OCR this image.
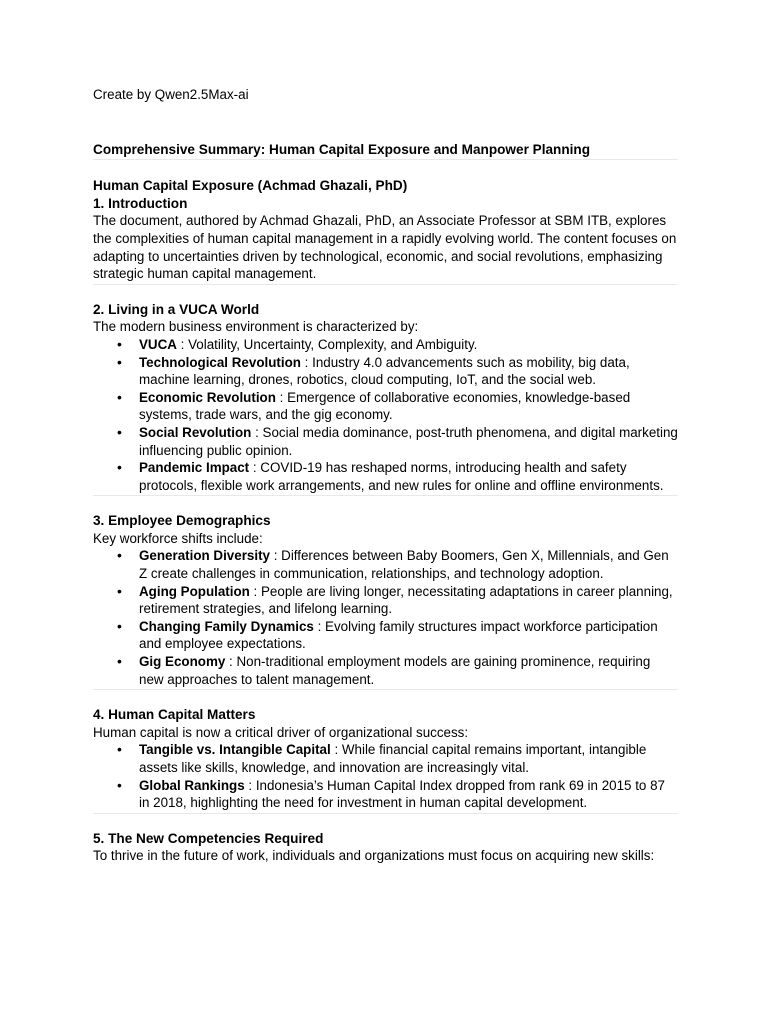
Create by Qwen2.5Max-ai

Comprehensive Summary: Human Capital Exposure and Manpower Planning

Human Capital Exposure (Achmad Ghazali, PhD)

1. Introduction

The document, authored by Achmad Ghazali, PhD, an Associate Professor at SBM ITB, explores the complexities of human capital management in a rapidly evolving world. The content focuses on adapting to uncertainties driven by technological, economic, and social revolutions, emphasizing strategic human capital management.

2. Living in a VUCA World

The modern business environment is characterized by:

• VUCA : Volatility, Uncertainty, Complexity, and Ambiguity.
• Technological Revolution : Industry 4.0 advancements such as mobility, big data, machine learning, drones, robotics, cloud computing, IoT, and the social web.
• Economic Revolution : Emergence of collaborative economies, knowledge-based systems, trade wars, and the gig economy.
• Social Revolution : Social media dominance, post-truth phenomena, and digital marketing influencing public opinion.
• Pandemic Impact : COVID-19 has reshaped norms, introducing health and safety protocols, flexible work arrangements, and new rules for online and offline environments.

3. Employee Demographics

Key workforce shifts include:

• Generation Diversity : Differences between Baby Boomers, Gen X, Millennials, and Gen Z create challenges in communication, relationships, and technology adoption.
• Aging Population : People are living longer, necessitating adaptations in career planning, retirement strategies, and lifelong learning.
• Changing Family Dynamics : Evolving family structures impact workforce participation and employee expectations.
• Gig Economy : Non-traditional employment models are gaining prominence, requiring new approaches to talent management.

4. Human Capital Matters

Human capital is now a critical driver of organizational success:

• Tangible vs. Intangible Capital : While financial capital remains important, intangible assets like skills, knowledge, and innovation are increasingly vital.
• Global Rankings : Indonesia’s Human Capital Index dropped from rank 69 in 2015 to 87 in 2018, highlighting the need for investment in human capital development.

5. The New Competencies Required

To thrive in the future of work, individuals and organizations must focus on acquiring new skills:
